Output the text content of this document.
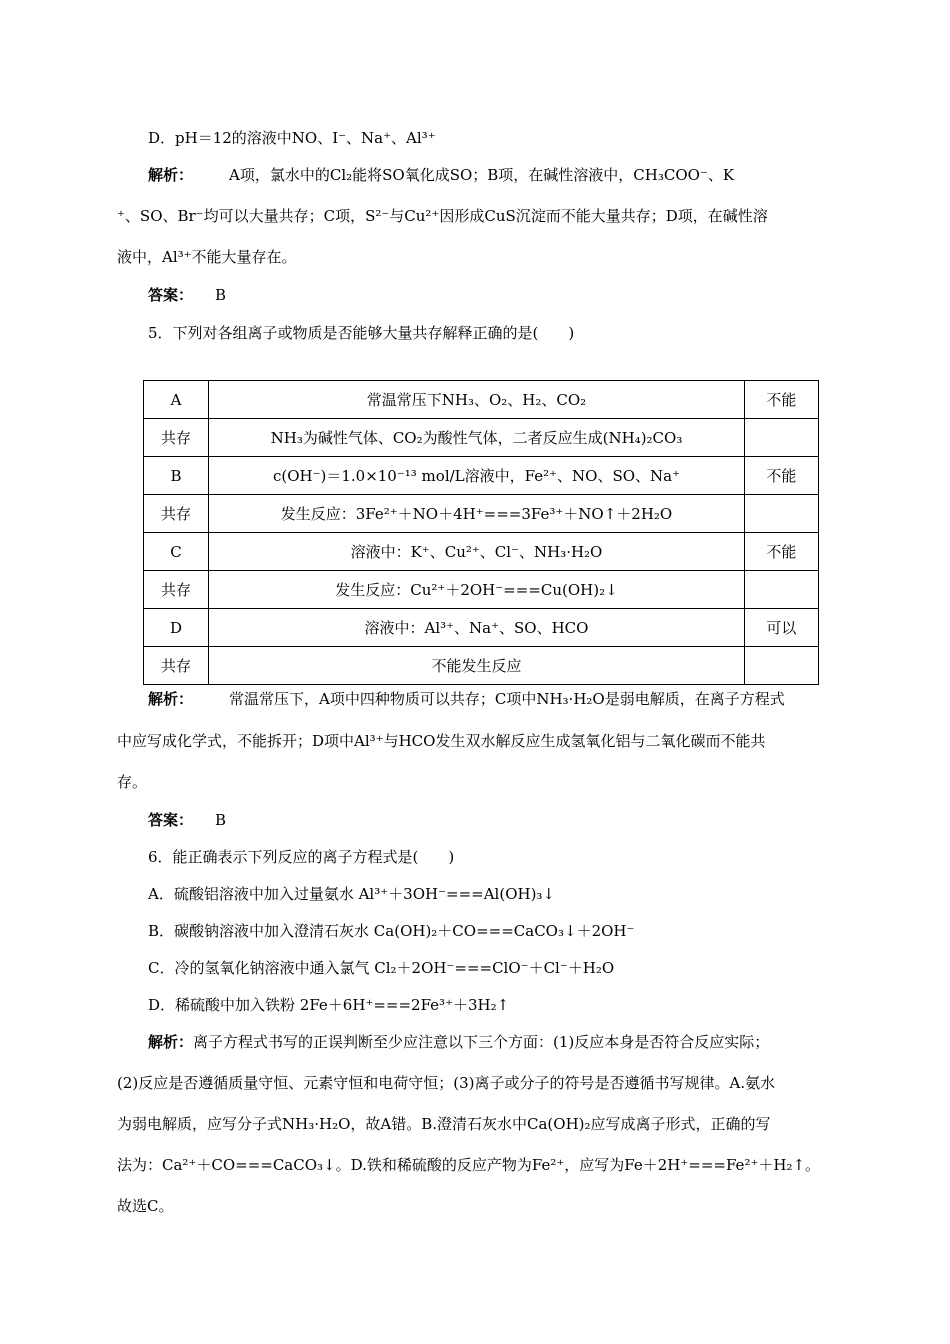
D．pH＝12的溶液中NO、I⁻、Na⁺、Al³⁺
解析： A项，氯水中的Cl₂能将SO氧化成SO；B项，在碱性溶液中，CH₃COO⁻、K
⁺、SO、Br⁻均可以大量共存；C项，S²⁻与Cu²⁺因形成CuS沉淀而不能大量共存；D项，在碱性溶
液中，Al³⁺不能大量存在。
答案： B
5．下列对各组离子或物质是否能够大量共存解释正确的是( )
A	常温常压下NH₃、O₂、H₂、CO₂	不能
共存	NH₃为碱性气体、CO₂为酸性气体，二者反应生成(NH₄)₂CO₃	
B	c(OH⁻)＝1.0×10⁻¹³ mol/L溶液中，Fe²⁺、NO、SO、Na⁺	不能
共存	发生反应：3Fe²⁺＋NO＋4H⁺===3Fe³⁺＋NO↑＋2H₂O	
C	溶液中：K⁺、Cu²⁺、Cl⁻、NH₃·H₂O	不能
共存	发生反应：Cu²⁺＋2OH⁻===Cu(OH)₂↓	
D	溶液中：Al³⁺、Na⁺、SO、HCO	可以
共存	不能发生反应	
解析： 常温常压下，A项中四种物质可以共存；C项中NH₃·H₂O是弱电解质，在离子方程式
中应写成化学式，不能拆开；D项中Al³⁺与HCO发生双水解反应生成氢氧化铝与二氧化碳而不能共
存。
答案： B
6．能正确表示下列反应的离子方程式是( )
A．硫酸铝溶液中加入过量氨水 Al³⁺＋3OH⁻===Al(OH)₃↓
B．碳酸钠溶液中加入澄清石灰水 Ca(OH)₂＋CO===CaCO₃↓＋2OH⁻
C．冷的氢氧化钠溶液中通入氯气 Cl₂＋2OH⁻===ClO⁻＋Cl⁻＋H₂O
D．稀硫酸中加入铁粉 2Fe＋6H⁺===2Fe³⁺＋3H₂↑
解析：离子方程式书写的正误判断至少应注意以下三个方面：(1)反应本身是否符合反应实际；
(2)反应是否遵循质量守恒、元素守恒和电荷守恒；(3)离子或分子的符号是否遵循书写规律。A.氨水
为弱电解质，应写分子式NH₃·H₂O，故A错。B.澄清石灰水中Ca(OH)₂应写成离子形式，正确的写
法为：Ca²⁺＋CO===CaCO₃↓。D.铁和稀硫酸的反应产物为Fe²⁺，应写为Fe＋2H⁺===Fe²⁺＋H₂↑。
故选C。
